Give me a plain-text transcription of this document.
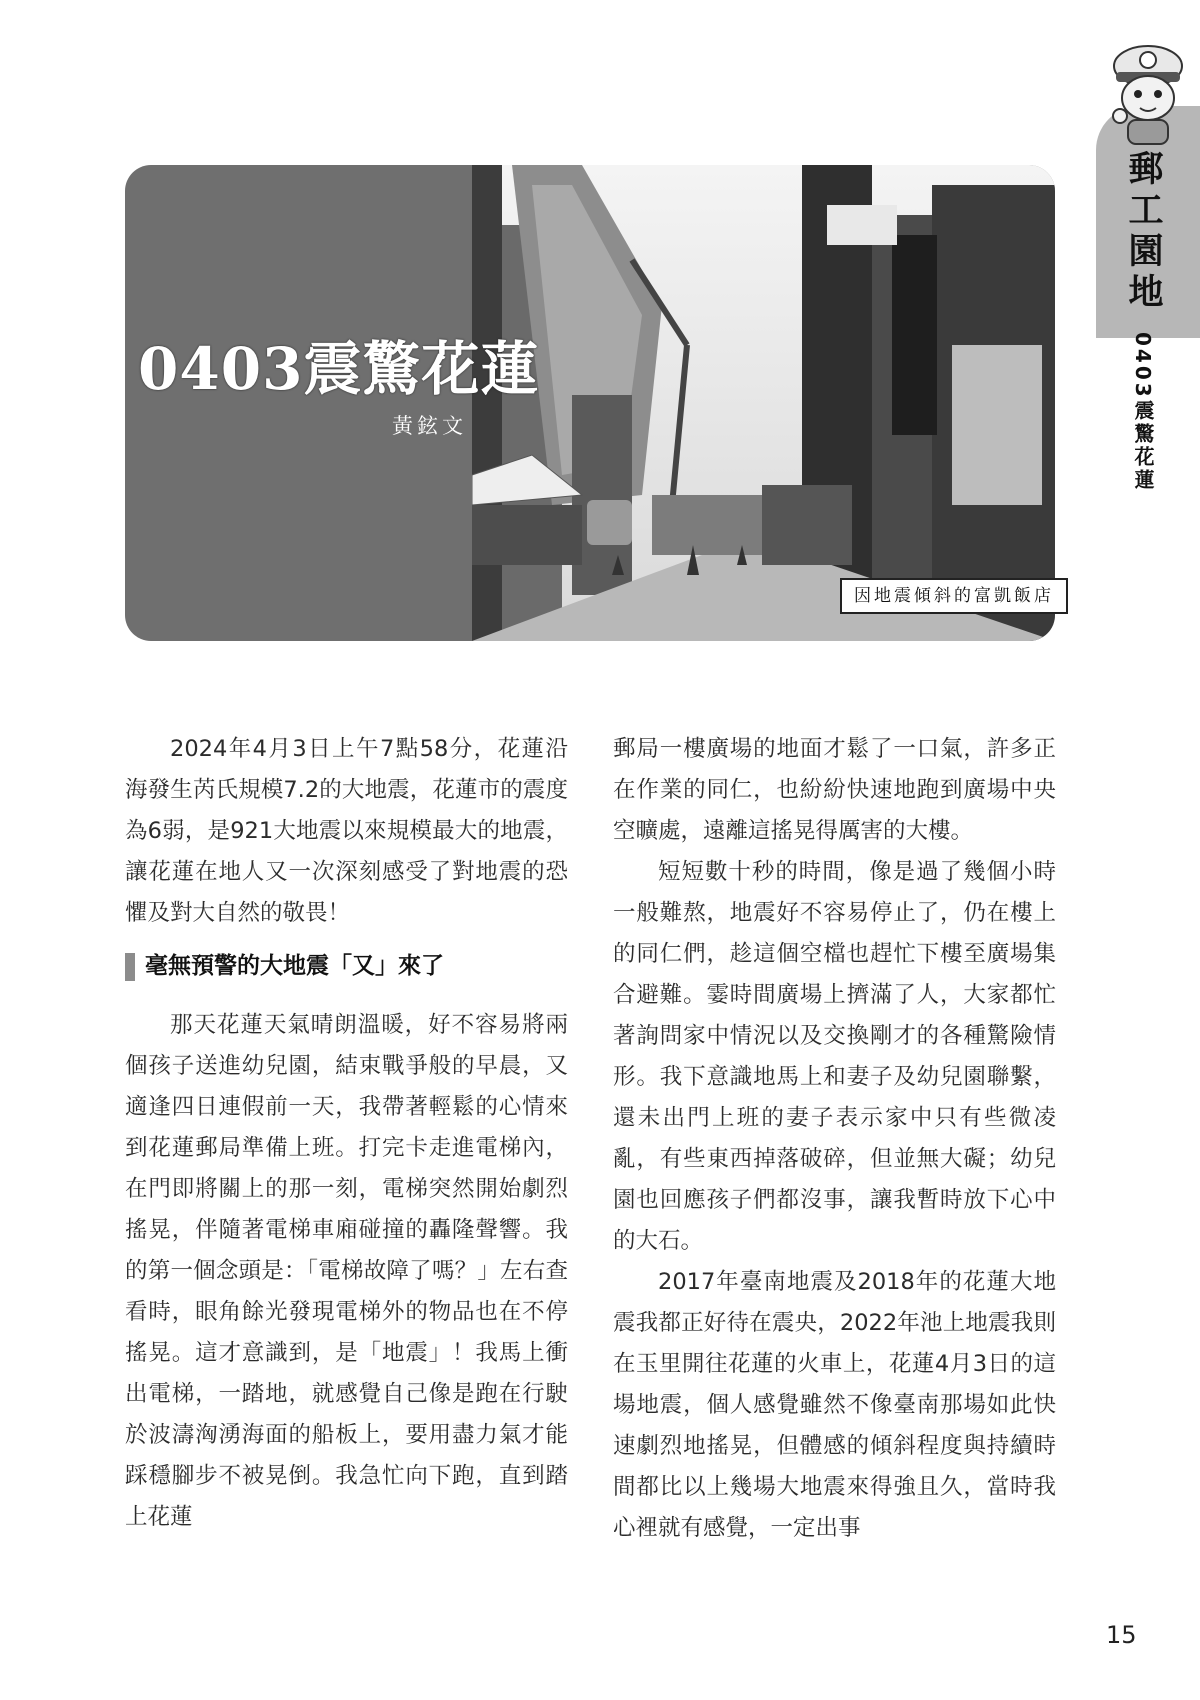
郵工園地
0403震驚花蓮
0403震驚花蓮
黃鉉文
因地震傾斜的富凱飯店

2024年4月3日上午7點58分，花蓮沿海發生芮氏規模7.2的大地震，花蓮市的震度為6弱，是921大地震以來規模最大的地震，讓花蓮在地人又一次深刻感受了對地震的恐懼及對大自然的敬畏！

毫無預警的大地震「又」來了

那天花蓮天氣晴朗溫暖，好不容易將兩個孩子送進幼兒園，結束戰爭般的早晨，又適逢四日連假前一天，我帶著輕鬆的心情來到花蓮郵局準備上班。打完卡走進電梯內，在門即將關上的那一刻，電梯突然開始劇烈搖晃，伴隨著電梯車廂碰撞的轟隆聲響。我的第一個念頭是：「電梯故障了嗎？」左右查看時，眼角餘光發現電梯外的物品也在不停搖晃。這才意識到，是「地震」！我馬上衝出電梯，一踏地，就感覺自己像是跑在行駛於波濤洶湧海面的船板上，要用盡力氣才能踩穩腳步不被晃倒。我急忙向下跑，直到踏上花蓮

郵局一樓廣場的地面才鬆了一口氣，許多正在作業的同仁，也紛紛快速地跑到廣場中央空曠處，遠離這搖晃得厲害的大樓。

短短數十秒的時間，像是過了幾個小時一般難熬，地震好不容易停止了，仍在樓上的同仁們，趁這個空檔也趕忙下樓至廣場集合避難。霎時間廣場上擠滿了人，大家都忙著詢問家中情況以及交換剛才的各種驚險情形。我下意識地馬上和妻子及幼兒園聯繫，還未出門上班的妻子表示家中只有些微凌亂，有些東西掉落破碎，但並無大礙；幼兒園也回應孩子們都沒事，讓我暫時放下心中的大石。

2017年臺南地震及2018年的花蓮大地震我都正好待在震央，2022年池上地震我則在玉里開往花蓮的火車上，花蓮4月3日的這場地震，個人感覺雖然不像臺南那場如此快速劇烈地搖晃，但體感的傾斜程度與持續時間都比以上幾場大地震來得強且久，當時我心裡就有感覺，一定出事

15
